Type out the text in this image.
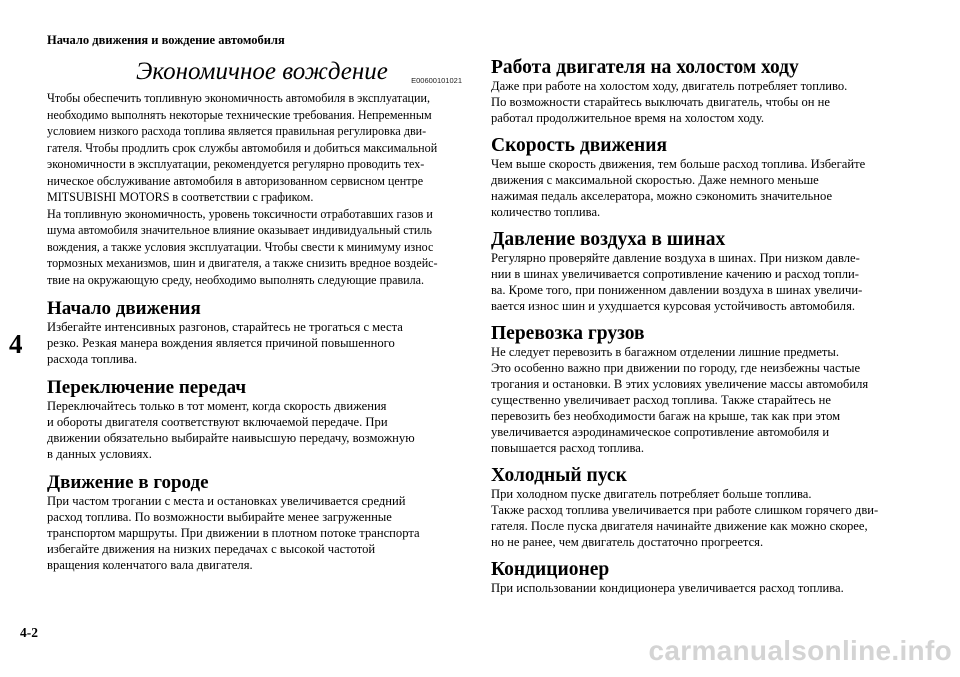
Начало движения и вождение автомобиля
4
4-2
carmanualsonline.info
Экономичное вождение	E00600101021

Чтобы обеспечить топливную экономичность автомобиля в эксплуатации,
необходимо выполнять некоторые технические требования. Непременным
условием низкого расхода топлива является правильная регулировка дви-
гателя. Чтобы продлить срок службы автомобиля и добиться максимальной
экономичности в эксплуатации, рекомендуется регулярно проводить тех-
ническое обслуживание автомобиля в авторизованном сервисном центре
MITSUBISHI MOTORS в соответствии с графиком.

На топливную экономичность, уровень токсичности отработавших газов и
шума автомобиля значительное влияние оказывает индивидуальный стиль
вождения, а также условия эксплуатации. Чтобы свести к минимуму износ
тормозных механизмов, шин и двигателя, а также снизить вредное воздейс-
твие на окружающую среду, необходимо выполнять следующие правила.

Начало движения

Избегайте интенсивных разгонов, старайтесь не трогаться с места
резко. Резкая манера вождения является причиной повышенного
расхода топлива.

Переключение передач

Переключайтесь только в тот момент, когда скорость движения
и обороты двигателя соответствуют включаемой передаче. При
движении обязательно выбирайте наивысшую передачу, возможную
в данных условиях.

Движение в городе

При частом трогании с места и остановках увеличивается средний
расход топлива. По возможности выбирайте менее загруженные
транспортом маршруты. При движении в плотном потоке транспорта
избегайте движения на низких передачах с высокой частотой
вращения коленчатого вала двигателя.

Работа двигателя на холостом ходу

Даже при работе на холостом ходу, двигатель потребляет топливо.
По возможности старайтесь выключать двигатель, чтобы он не
работал продолжительное время на холостом ходу.

Скорость движения

Чем выше скорость движения, тем больше расход топлива. Избегайте
движения с максимальной скоростью. Даже немного меньше
нажимая педаль акселератора, можно сэкономить значительное
количество топлива.

Давление воздуха в шинах

Регулярно проверяйте давление воздуха в шинах. При низком давле-
нии в шинах увеличивается сопротивление качению и расход топли-
ва. Кроме того, при пониженном давлении воздуха в шинах увеличи-
вается износ шин и ухудшается курсовая устойчивость автомобиля.

Перевозка грузов

Не следует перевозить в багажном отделении лишние предметы.
Это особенно важно при движении по городу, где неизбежны частые
трогания и остановки. В этих условиях увеличение массы автомобиля
существенно увеличивает расход топлива. Также старайтесь не
перевозить без необходимости багаж на крыше, так как при этом
увеличивается аэродинамическое сопротивление автомобиля и
повышается расход топлива.

Холодный пуск

При холодном пуске двигатель потребляет больше топлива.
Также расход топлива увеличивается при работе слишком горячего дви-
гателя. После пуска двигателя начинайте движение как можно скорее,
но не ранее, чем двигатель достаточно прогреется.

Кондиционер

При использовании кондиционера увеличивается расход топлива.
